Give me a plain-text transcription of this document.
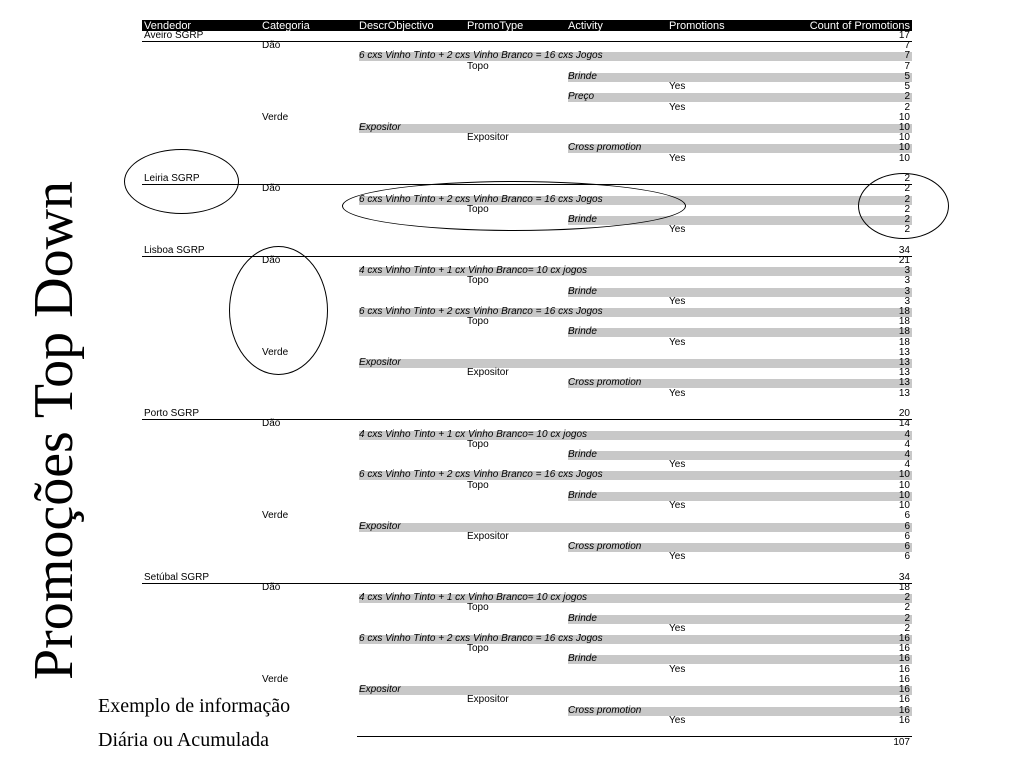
Promoções Top Down
Vendedor	Categoria	DescrObjectivo	PromoType	Activity	Promotions	Count of Promotions
Aveiro SGRP	17
Dão	7
6 cxs Vinho Tinto + 2 cxs Vinho Branco = 16 cxs Jogos	7
Topo	7
Brinde	5
Yes	5
Preço	2
Yes	2
Verde	10
Expositor	10
Expositor	10
Cross promotion	10
Yes	10
Leiria SGRP	2
Dão	2
6 cxs Vinho Tinto + 2 cxs Vinho Branco = 16 cxs Jogos	2
Topo	2
Brinde	2
Yes	2
Lisboa SGRP	34
Dão	21
4 cxs Vinho Tinto + 1 cx Vinho Branco= 10 cx jogos	3
Topo	3
Brinde	3
Yes	3
6 cxs Vinho Tinto + 2 cxs Vinho Branco = 16 cxs Jogos	18
Topo	18
Brinde	18
Yes	18
Verde	13
Expositor	13
Expositor	13
Cross promotion	13
Yes	13
Porto SGRP	20
Dão	14
4 cxs Vinho Tinto + 1 cx Vinho Branco= 10 cx jogos	4
Topo	4
Brinde	4
Yes	4
6 cxs Vinho Tinto + 2 cxs Vinho Branco = 16 cxs Jogos	10
Topo	10
Brinde	10
Yes	10
Verde	6
Expositor	6
Expositor	6
Cross promotion	6
Yes	6
Setúbal SGRP	34
Dão	18
4 cxs Vinho Tinto + 1 cx Vinho Branco= 10 cx jogos	2
Topo	2
Brinde	2
Yes	2
6 cxs Vinho Tinto + 2 cxs Vinho Branco = 16 cxs Jogos	16
Topo	16
Brinde	16
Yes	16
Verde	16
Expositor	16
Expositor	16
Cross promotion	16
Yes	16
107
Exemplo de informação
Diária ou Acumulada
